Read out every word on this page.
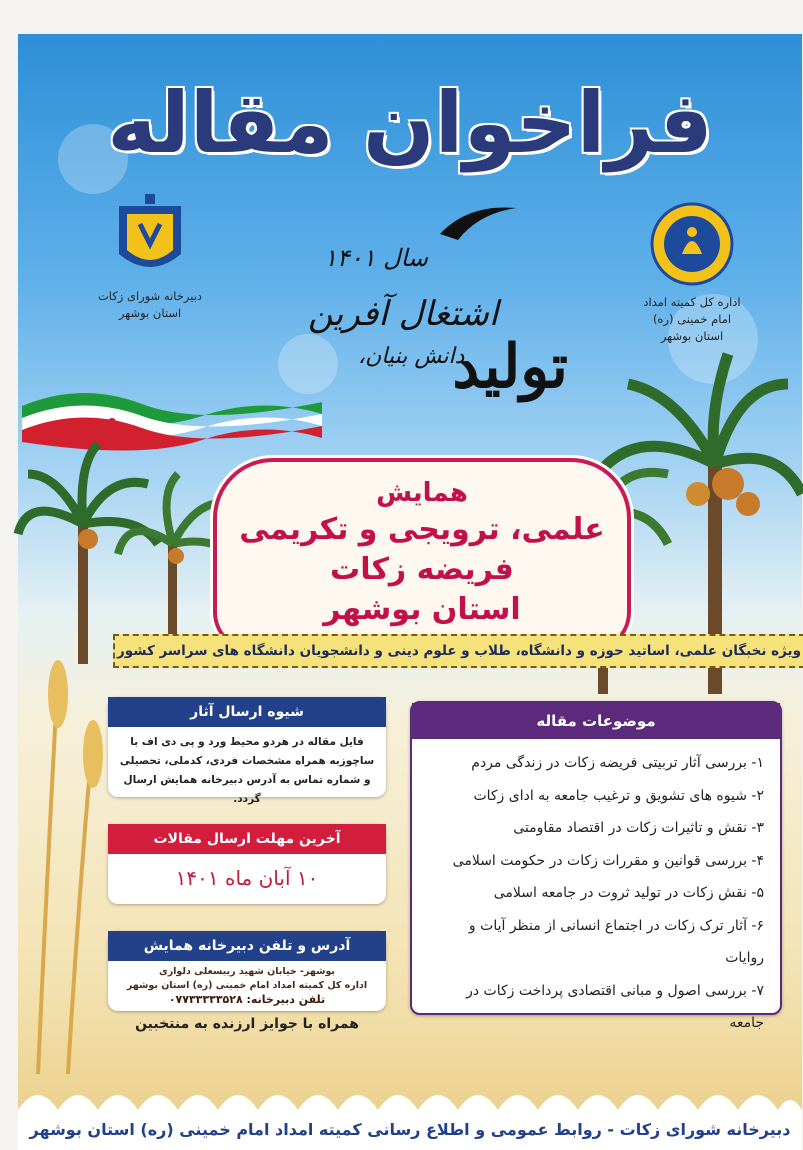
فراخوان مقاله
اداره کل کمیته امداد
امام خمینی (ره) استان بوشهر
دبیرخانه شورای زکات
استان بوشهر
سال ۱۴۰۱
اشتغال آفرین
دانش بنیان،
تولید
همایش
علمی، ترویجی و تکریمی
فریضه زکات
استان بوشهر
ویژه نخبگان علمی، اساتید حوزه و دانشگاه، طلاب و علوم دینی و دانشجویان دانشگاه های سراسر کشور
موضوعات مقاله
۱- بررسی آثار تربیتی فریضه زکات در زندگی مردم
۲- شیوه های تشویق و ترغیب جامعه به ادای زکات
۳- نقش و تاثیرات زکات در اقتصاد مقاومتی
۴- بررسی قوانین و مقررات زکات در حکومت اسلامی
۵- نقش زکات در تولید ثروت در جامعه اسلامی
۶- آثار ترک زکات در اجتماع انسانی از منظر آیات و روایات
۷- بررسی اصول و مبانی اقتصادی پرداخت زکات در جامعه
شیوه ارسال آثار
فایل مقاله در هردو محیط ورد و پی دی اف با ساچوزبه همراه مشخصات فردی، کدملی، تحصیلی و شماره تماس به آدرس دبیرخانه همایش ارسال گردد.
آخرین مهلت ارسال مقالات
۱۰ آبان ماه ۱۴۰۱
آدرس و تلفن دبیرخانه همایش
بوشهر- خیابان شهید رییسعلی دلواری
اداره کل کمیته امداد امام خمینی (ره) استان بوشهر
تلفن دبیرخانه: ۰۷۷۳۳۳۳۳۵۲۸
همراه با جوایز ارزنده به منتخبین
دبیرخانه شورای زکات - روابط عمومی و اطلاع رسانی کمیته امداد امام خمینی (ره) استان بوشهر
